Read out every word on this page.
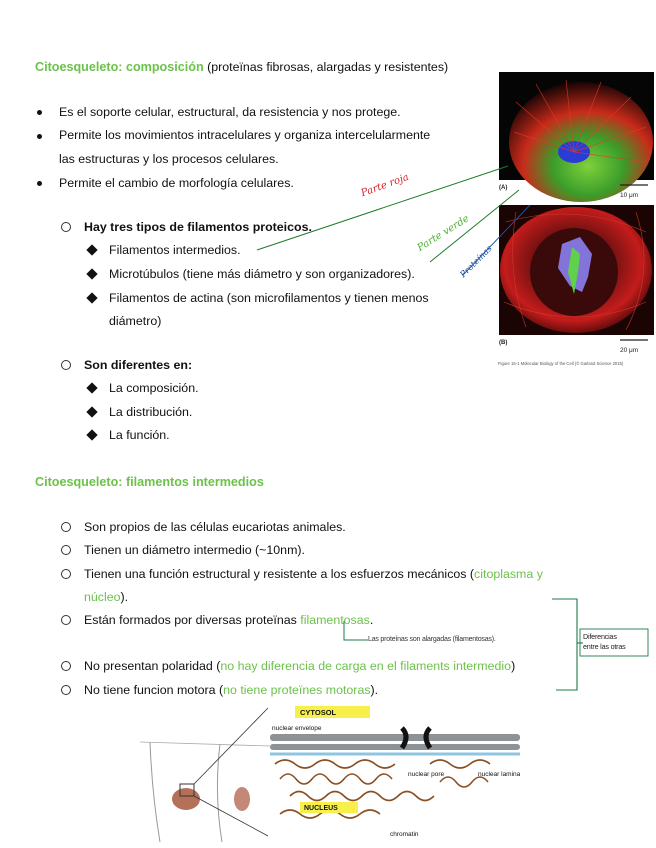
Citoesqueleto: composición (proteïnas fibrosas, alargadas y resistentes)
Es el soporte celular, estructural, da resistencia y nos protege.
Permite los movimientos intracelulares y organiza intercelularmente
las estructuras y los procesos celulares.
Permite el cambio de morfología celulares.
Hay tres tipos de filamentos proteicos.
Filamentos intermedios.
Microtúbulos (tiene más diámetro y son organizadores).
Filamentos de actina (son microfilamentos y tienen menos
diámetro)
Son diferentes en:
La composición.
La distribución.
La función.
(A)
10 μm
(B)
20 μm
Figure 16-1 Molecular Biology of the Cell (© Garland Science 2015)
Parte roja
Parte verde
Proteínas
Citoesqueleto: filamentos intermedios
Son propios de las células eucariotas animales.
Tienen un diámetro intermedio (~10nm).
Tienen una función estructural y resistente a los esfuerzos mecánicos (citoplasma y
núcleo).
Están formados por diversas proteïnas filamentosas.
Las proteínas son alargadas (filamentosas).	Diferencias
entre las otras
No presentan polaridad (no hay diferencia de carga en el filaments intermedio)
No tiene funcion motora (no tiene proteïnes motoras).
CYTOSOL
nuclear envelope
NUCLEUS
nuclear pore	nuclear lamina
chromatin
